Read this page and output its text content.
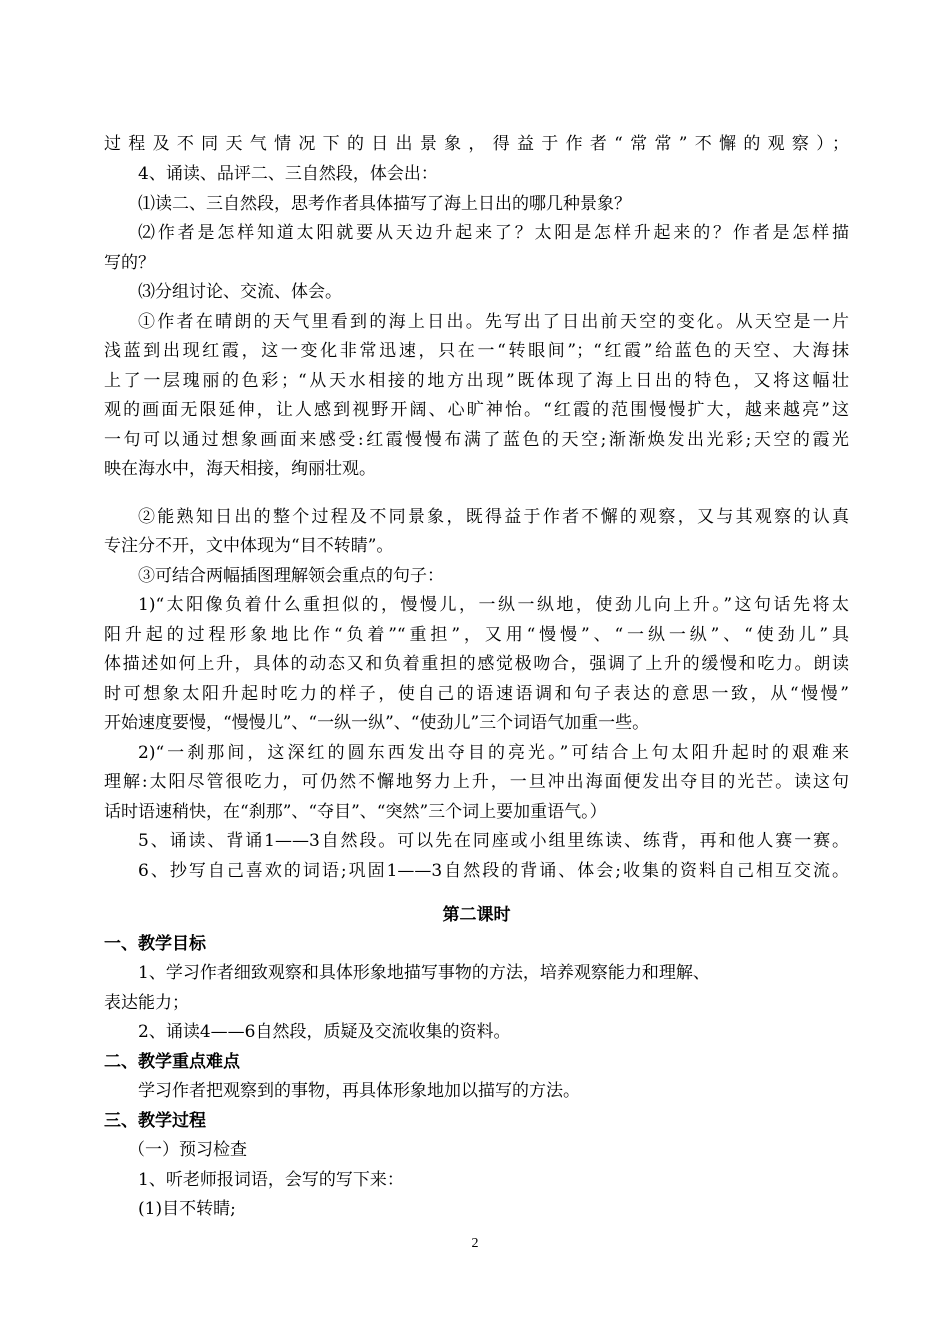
过程及不同天气情况下的日出景象，得益于作者“常常”不懈的观察）；
4、诵读、品评二、三自然段，体会出：
⑴读二、三自然段，思考作者具体描写了海上日出的哪几种景象？
⑵作者是怎样知道太阳就要从天边升起来了？太阳是怎样升起来的？作者是怎样描
写的？
⑶分组讨论、交流、体会。
①作者在晴朗的天气里看到的海上日出。先写出了日出前天空的变化。从天空是一片
浅蓝到出现红霞，这一变化非常迅速，只在一“转眼间”；“红霞”给蓝色的天空、大海抹
上了一层瑰丽的色彩；“从天水相接的地方出现”既体现了海上日出的特色，又将这幅壮
观的画面无限延伸，让人感到视野开阔、心旷神怡。“红霞的范围慢慢扩大，越来越亮”这
一句可以通过想象画面来感受:红霞慢慢布满了蓝色的天空;渐渐焕发出光彩;天空的霞光
映在海水中，海天相接，绚丽壮观。
②能熟知日出的整个过程及不同景象，既得益于作者不懈的观察，又与其观察的认真
专注分不开，文中体现为“目不转睛”。
③可结合两幅插图理解领会重点的句子：
1)“太阳像负着什么重担似的，慢慢儿，一纵一纵地，使劲儿向上升。”这句话先将太
阳升起的过程形象地比作“负着”“重担”，又用“慢慢”、“一纵一纵”、“使劲儿”具
体描述如何上升，具体的动态又和负着重担的感觉极吻合，强调了上升的缓慢和吃力。朗读
时可想象太阳升起时吃力的样子，使自己的语速语调和句子表达的意思一致，从“慢慢”
开始速度要慢，“慢慢儿”、“一纵一纵”、“使劲儿”三个词语气加重一些。
2)“一刹那间，这深红的圆东西发出夺目的亮光。”可结合上句太阳升起时的艰难来
理解:太阳尽管很吃力，可仍然不懈地努力上升，一旦冲出海面便发出夺目的光芒。读这句
话时语速稍快，在“刹那”、“夺目”、“突然”三个词上要加重语气。）
5、诵读、背诵1——3自然段。可以先在同座或小组里练读、练背，再和他人赛一赛。
6、抄写自己喜欢的词语;巩固1——3自然段的背诵、体会;收集的资料自己相互交流。
第二课时
一、教学目标
1、学习作者细致观察和具体形象地描写事物的方法，培养观察能力和理解、
表达能力；
2、诵读4——6自然段，质疑及交流收集的资料。
二、教学重点难点
学习作者把观察到的事物，再具体形象地加以描写的方法。
三、教学过程
（一）预习检查
1、听老师报词语，会写的写下来：
(1)目不转睛;
2
